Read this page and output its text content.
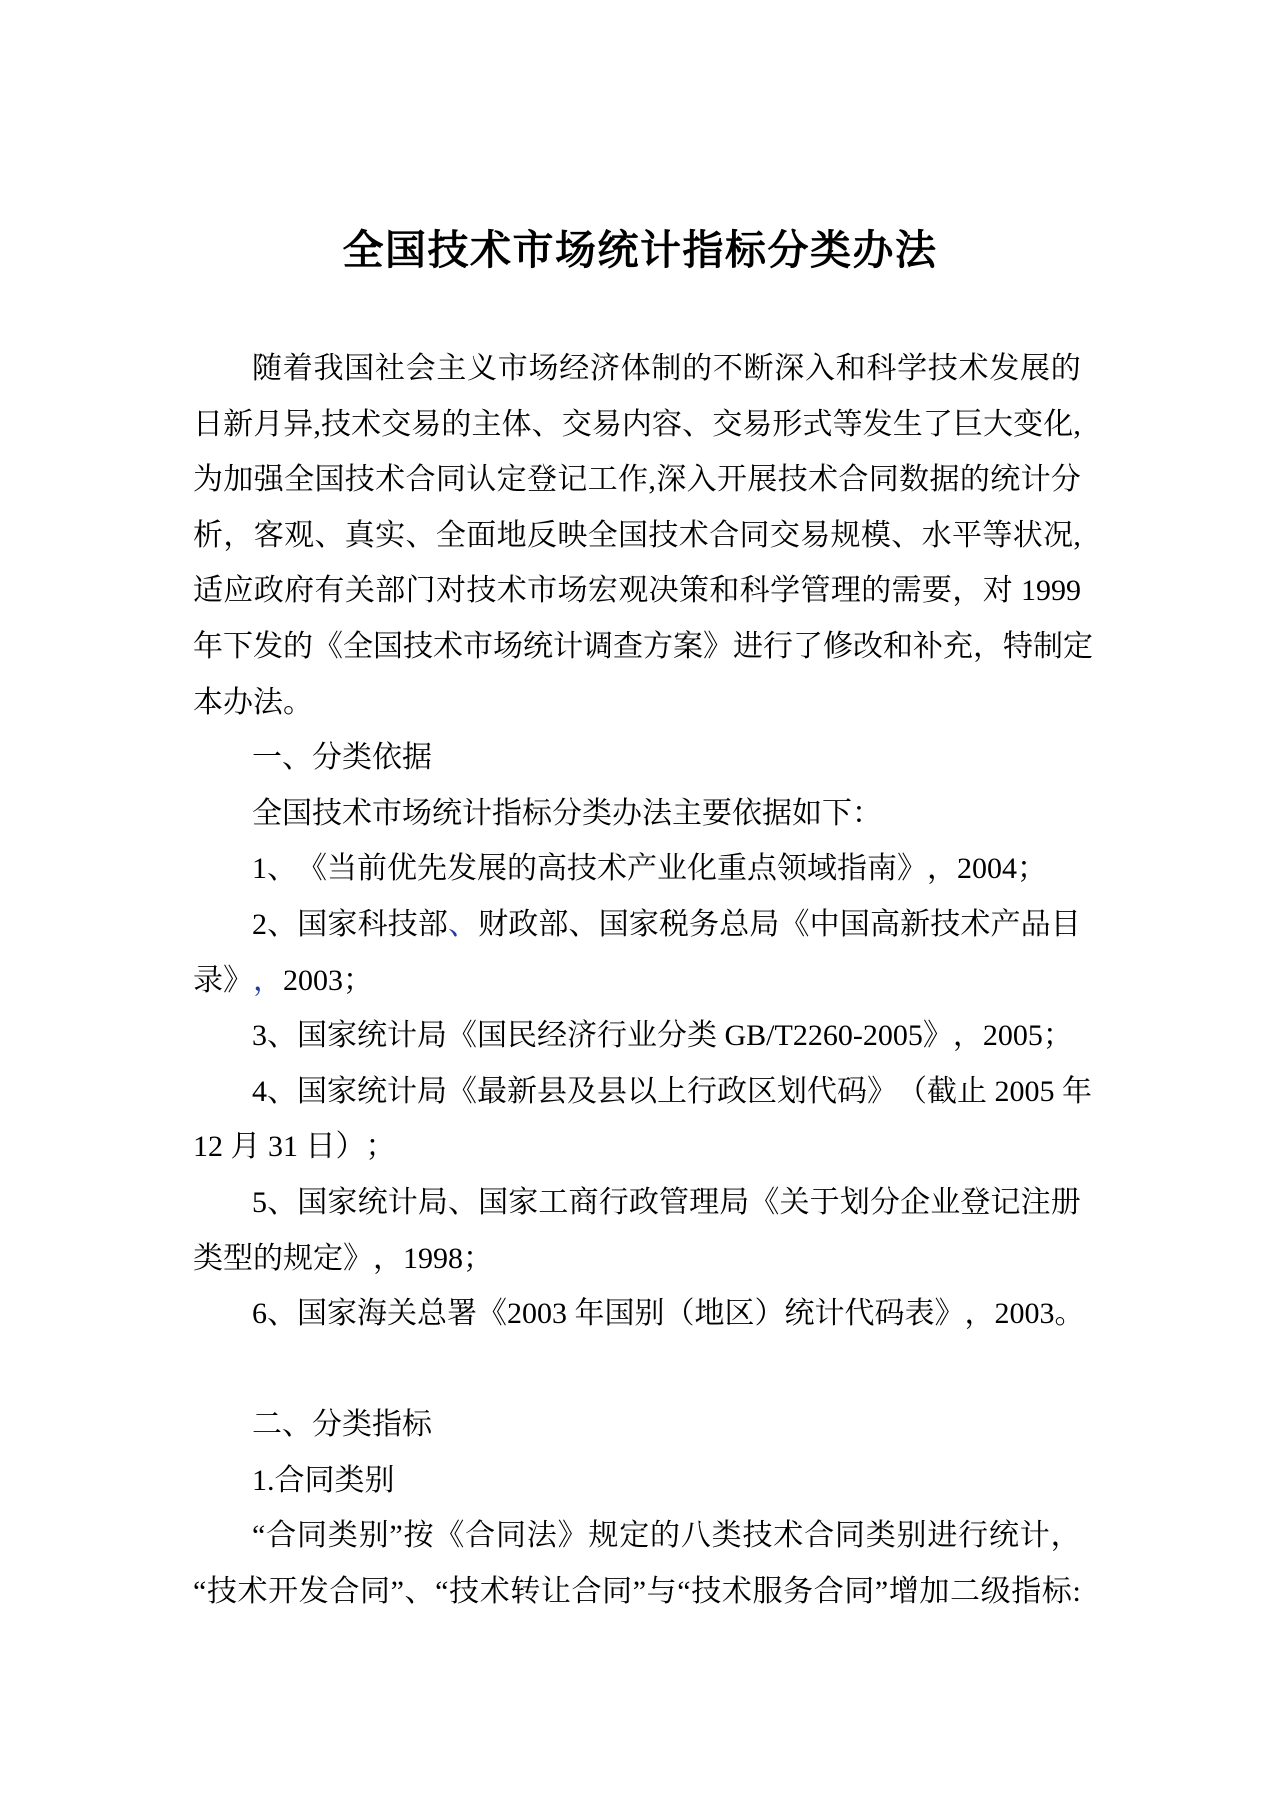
全国技术市场统计指标分类办法
随 着 我 国 社 会 主 义 市 场 经 济 体 制 的 不 断 深 入 和 科 学 技 术 发 展 的
日 新 月 异 , 技 术 交 易 的 主 体 、 交 易 内 容 、 交 易 形 式 等 发 生 了 巨 大 变 化 ,
为 加 强 全 国 技 术 合 同 认 定 登 记 工 作 , 深 入 开 展 技 术 合 同 数 据 的 统 计 分
析 ， 客 观 、 真 实 、 全 面 地 反 映 全 国 技 术 合 同 交 易 规 模 、 水 平 等 状 况 ,
适 应 政 府 有 关 部 门 对 技 术 市 场 宏 观 决 策 和 科 学 管 理 的 需 要 ， 对
1999
年 下 发 的 《 全 国 技 术 市 场 统 计 调 查 方 案 》 进 行 了 修 改 和 补 充 ， 特 制 定
本 办 法 。
一 、 分 类 依 据
全 国 技 术 市 场 统 计 指 标 分 类 办 法 主 要 依 据 如 下 ：
1 、 《 当 前 优 先 发 展 的 高 技 术 产 业 化 重 点 领 域 指 南 》 ， 2004 ；
2 、 国 家 科 技 部 、 财 政 部 、 国 家 税 务 总 局 《 中 国 高 新 技 术 产 品 目
录 》 ， 2003 ；
3 、 国 家 统 计 局 《 国 民 经 济 行 业 分 类
GB/T2260-2005 》 ， 2005 ；
4 、 国 家 统 计 局 《 最 新 县 及 县 以 上 行 政 区 划 代 码 》 （ 截 止
2005
年
12
月
31
日 ） ；
5 、 国 家 统 计 局 、 国 家 工 商 行 政 管 理 局 《 关 于 划 分 企 业 登 记 注 册
类 型 的 规 定 》 ， 1998 ；
6 、 国 家 海 关 总 署 《 2003
年 国 别 （ 地 区 ） 统 计 代 码 表 》 ， 2003 。
二 、 分 类 指 标
1. 合 同 类 别
“ 合 同 类 别 ” 按 《 合 同 法 》 规 定 的 八 类 技 术 合 同 类 别 进 行 统 计 ，
“ 技 术 开 发 合 同 ” 、 “ 技 术 转 让 合 同 ” 与 “ 技 术 服 务 合 同 ” 增 加 二 级 指 标 :
